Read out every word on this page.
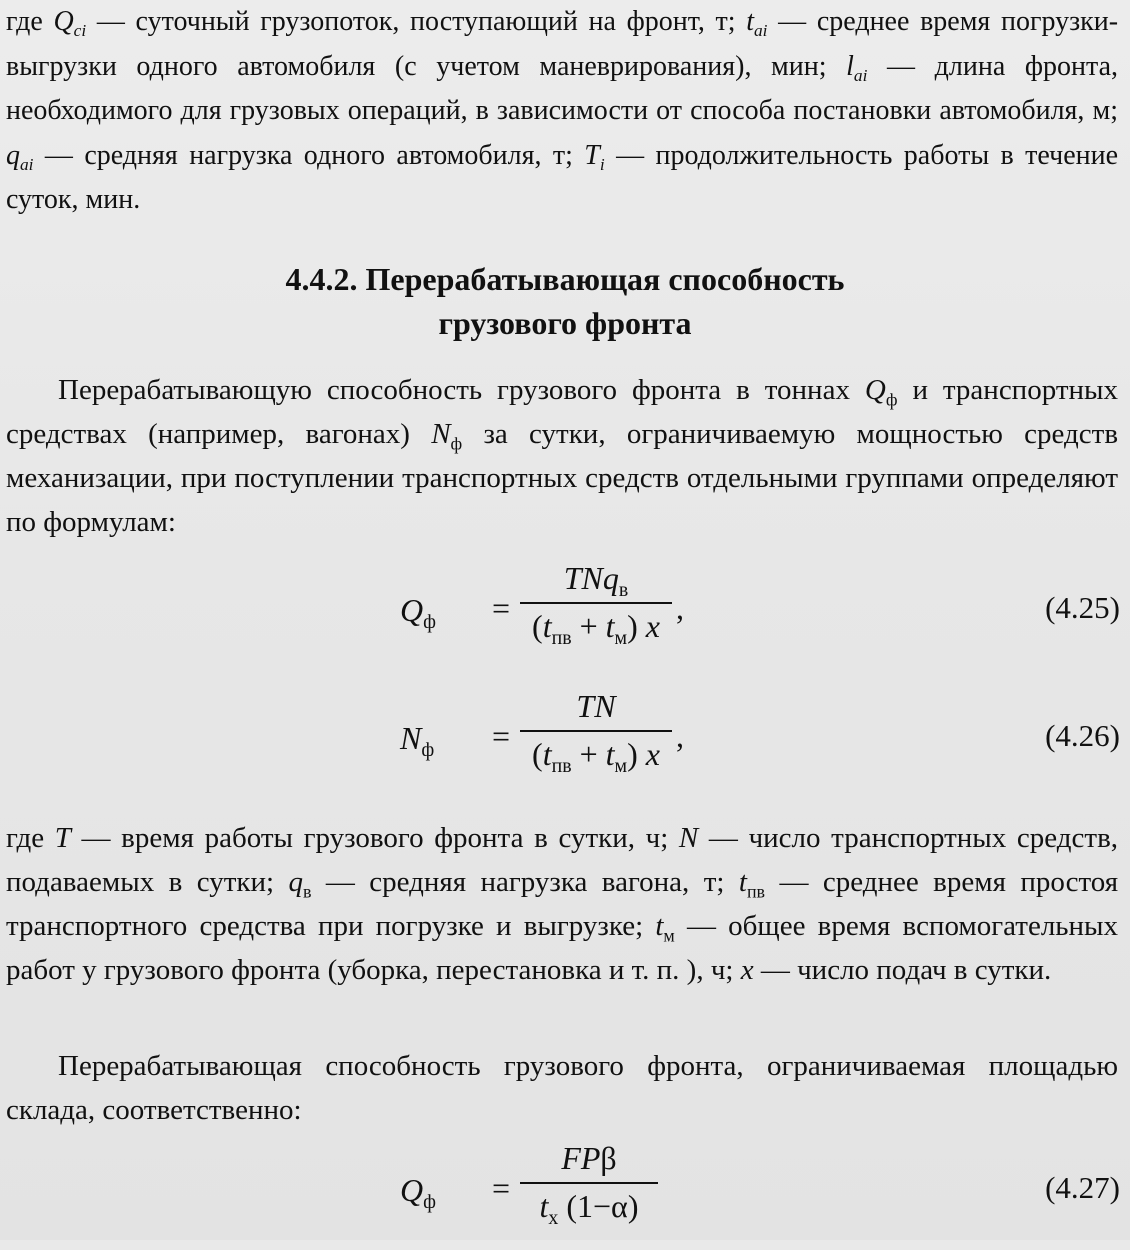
где $Q_{ci}$ — суточный грузопоток, поступающий на фронт, т; $t_{ai}$ — среднее время погрузки-выгрузки одного автомобиля (с учетом маневрирования), мин; $l_{ai}$ — длина фронта, необходимого для грузовых операций, в зависимости от способа постановки автомобиля, м; $q_{ai}$ — средняя нагрузка одного автомобиля, т; $T_i$ — продолжительность работы в течение суток, мин.

4.4.2. Перерабатывающая способность
грузового фронта

Перерабатывающую способность грузового фронта в тоннах $Q_ф$ и транспортных средствах (например, вагонах) $N_ф$ за сутки, ограничиваемую мощностью средств механизации, при поступлении транспортных средств отдельными группами определяют по формулам:

$Q_ф$ =
TNq$_в$
$(t_{пв} + t_м)$ x ,	(4.25)
$N_ф$ =
TN
$(t_{пв} + t_м)$ x ,	(4.26)

где T — время работы грузового фронта в сутки, ч; N — число транспортных средств, подаваемых в сутки; $q_в$ — средняя нагрузка вагона, т; $t_{пв}$ — среднее время простоя транспортного средства при погрузке и выгрузке; $t_м$ — общее время вспомогательных работ у грузового фронта (уборка, перестановка и т. п. ), ч; x — число подач в сутки.

Перерабатывающая способность грузового фронта, ограничиваемая площадью склада, соответственно:

$Q_ф$ =
FPβ
$t_x$ (1−α)
(4.27)
